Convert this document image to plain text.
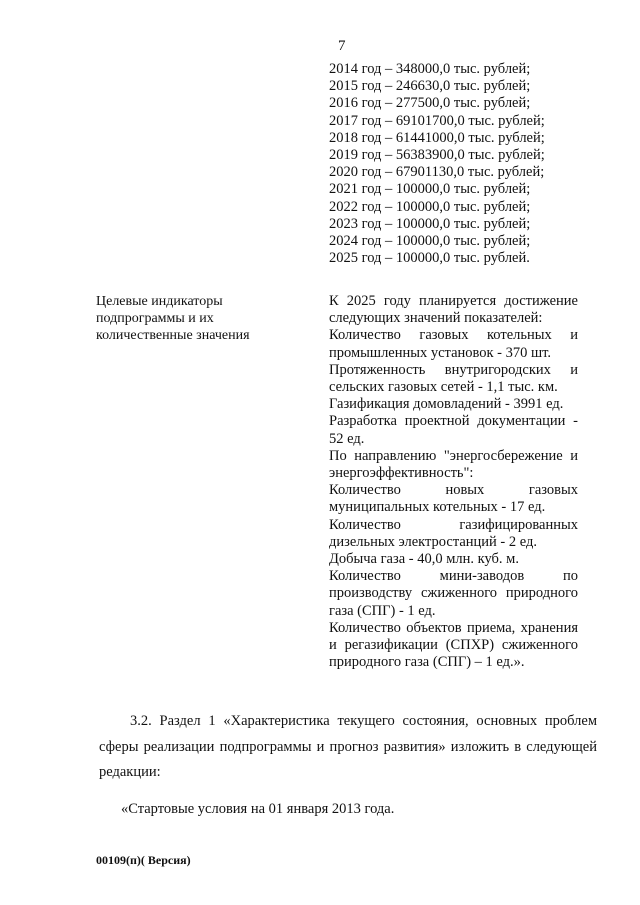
7
2014 год – 348000,0 тыс. рублей;
2015 год – 246630,0 тыс. рублей;
2016 год – 277500,0 тыс. рублей;
2017 год – 69101700,0 тыс. рублей;
2018 год – 61441000,0 тыс. рублей;
2019 год – 56383900,0 тыс. рублей;
2020 год – 67901130,0 тыс. рублей;
2021 год – 100000,0 тыс. рублей;
2022 год – 100000,0 тыс. рублей;
2023 год – 100000,0 тыс. рублей;
2024 год – 100000,0 тыс. рублей;
2025 год – 100000,0 тыс. рублей.
Целевые индикаторы подпрограммы и их количественные значения
К 2025 году планируется достижение следующих значений показателей:
Количество газовых котельных и промышленных установок - 370 шт.
Протяженность внутригородских и сельских газовых сетей - 1,1 тыс. км.
Газификация домовладений - 3991 ед.
Разработка проектной документации - 52 ед.
По направлению "энергосбережение и энергоэффективность":
Количество новых газовых муниципальных котельных - 17 ед.
Количество газифицированных дизельных электростанций - 2 ед.
Добыча газа - 40,0 млн. куб. м.
Количество мини-заводов по производству сжиженного природного газа (СПГ) - 1 ед.
Количество объектов приема, хранения и регазификации (СПХР) сжиженного природного газа (СПГ) – 1 ед.».
3.2. Раздел 1 «Характеристика текущего состояния, основных проблем сферы реализации подпрограммы и прогноз развития» изложить в следующей редакции:
«Стартовые условия на 01 января 2013 года.
00109(п)( Версия)
